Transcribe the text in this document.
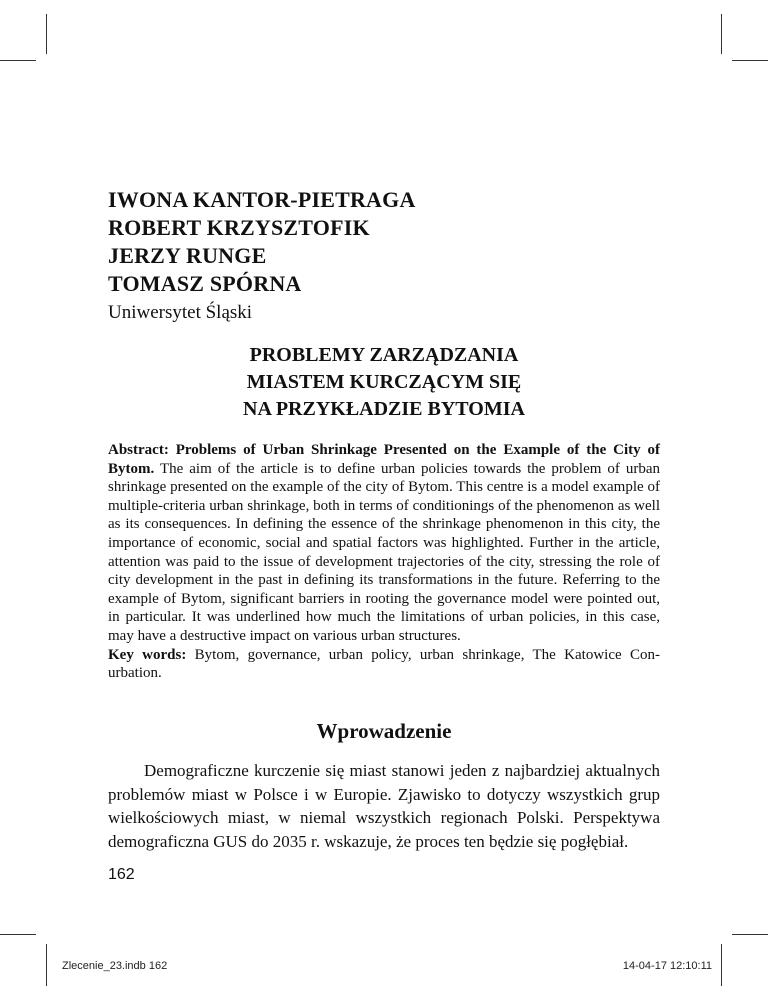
IWONA KANTOR-PIETRAGA
ROBERT KRZYSZTOFIK
JERZY RUNGE
TOMASZ SPÓRNA
Uniwersytet Śląski
PROBLEMY ZARZĄDZANIA
MIASTEM KURCZĄCYM SIĘ
NA PRZYKŁADZIE BYTOMIA

Abstract: Problems of Urban Shrinkage Presented on the Example of the City of Bytom. The aim of the article is to define urban policies towards the problem of urban shrinkage presented on the example of the city of Bytom. This centre is a model example of multiple-criteria urban shrinkage, both in terms of conditionings of the phenomenon as well as its consequences. In defining the essence of the shrinkage phenomenon in this city, the importance of economic, social and spatial factors was highlighted. Further in the article, attention was paid to the issue of development trajectories of the city, stressing the role of city development in the past in defining its transformations in the future. Referring to the example of Bytom, significant barriers in rooting the governance model were pointed out, in particular. It was underlined how much the limitations of urban policies, in this case, may have a destructive impact on various urban structures.
Key words: Bytom, governance, urban policy, urban shrinkage, The Katowice Conurbation.

Wprowadzenie

Demograficzne kurczenie się miast stanowi jeden z najbardziej aktualnych problemów miast w Polsce i w Europie. Zjawisko to dotyczy wszystkich grup wielkościowych miast, w niemal wszystkich regionach Polski. Perspektywa demograficzna GUS do 2035 r. wskazuje, że proces ten będzie się pogłębiał.

162
Zlecenie_23.indb 162	14-04-17 12:10:11
